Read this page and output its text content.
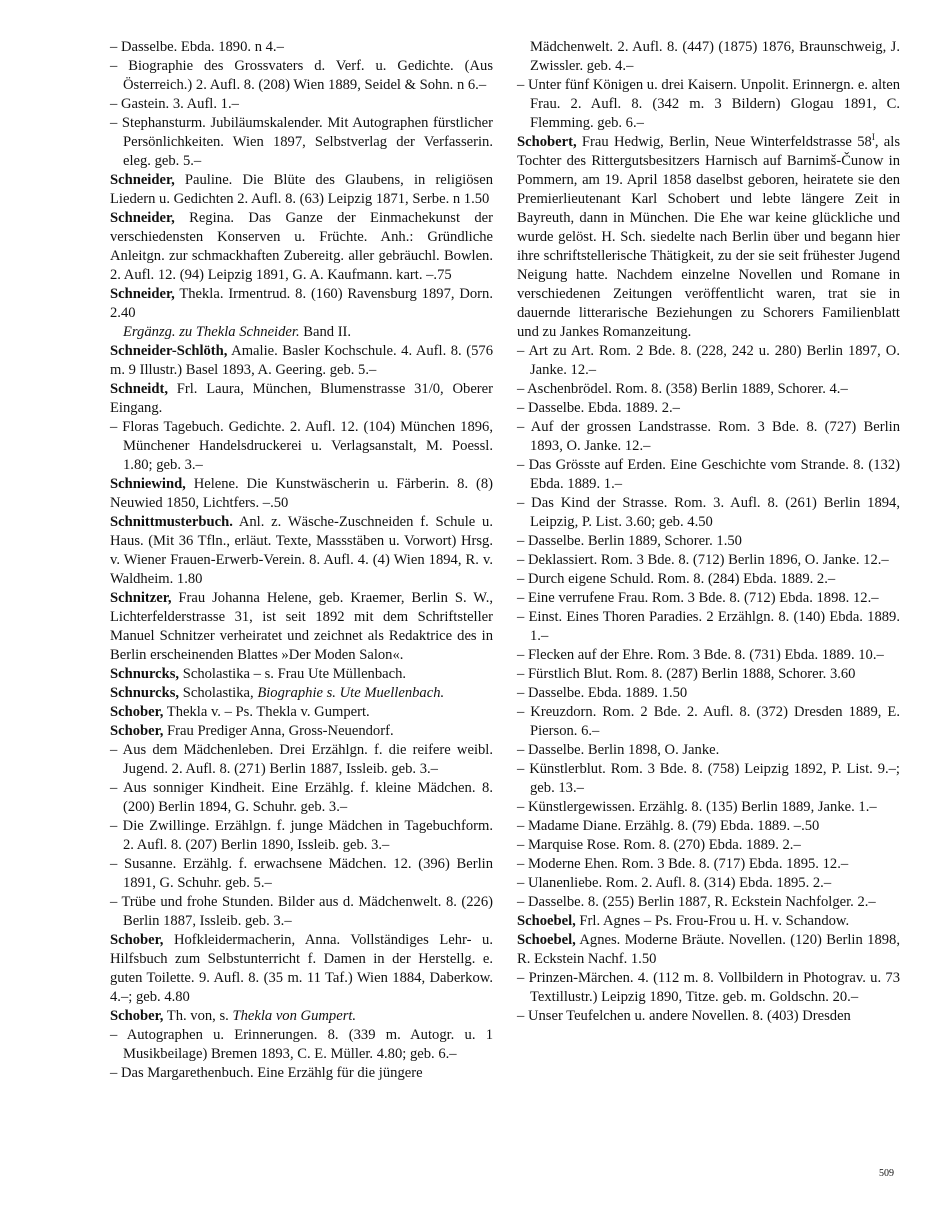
– Dasselbe. Ebda. 1890. n 4.–

– Biographie des Grossvaters d. Verf. u. Gedichte. (Aus Österreich.) 2. Aufl. 8. (208) Wien 1889, Seidel & Sohn. n 6.–

– Gastein. 3. Aufl. 1.–

– Stephansturm. Jubiläumskalender. Mit Autographen fürstlicher Persönlichkeiten. Wien 1897, Selbstverlag der Verfasserin. eleg. geb. 5.–

Schneider, Pauline. Die Blüte des Glaubens, in religiösen Liedern u. Gedichten 2. Aufl. 8. (63) Leipzig 1871, Serbe. n 1.50

Schneider, Regina. Das Ganze der Einmachekunst der verschiedensten Konserven u. Früchte. Anh.: Gründliche Anleitgn. zur schmackhaften Zubereitg. aller gebräuchl. Bowlen. 2. Aufl. 12. (94) Leipzig 1891, G. A. Kaufmann. kart. –.75

Schneider, Thekla. Irmentrud. 8. (160) Ravensburg 1897, Dorn. 2.40

Ergänzg. zu Thekla Schneider. Band II.

Schneider-Schlöth, Amalie. Basler Kochschule. 4. Aufl. 8. (576 m. 9 Illustr.) Basel 1893, A. Geering. geb. 5.–

Schneidt, Frl. Laura, München, Blumenstrasse 31/0, Oberer Eingang.

– Floras Tagebuch. Gedichte. 2. Aufl. 12. (104) München 1896, Münchener Handelsdruckerei u. Verlagsanstalt, M. Poessl. 1.80; geb. 3.–

Schniewind, Helene. Die Kunstwäscherin u. Färberin. 8. (8) Neuwied 1850, Lichtfers. –.50

Schnittmusterbuch. Anl. z. Wäsche-Zuschneiden f. Schule u. Haus. (Mit 36 Tfln., erläut. Texte, Massstäben u. Vorwort) Hrsg. v. Wiener Frauen-Erwerb-Verein. 8. Aufl. 4. (4) Wien 1894, R. v. Waldheim. 1.80

Schnitzer, Frau Johanna Helene, geb. Kraemer, Berlin S. W., Lichterfelderstrasse 31, ist seit 1892 mit dem Schriftsteller Manuel Schnitzer verheiratet und zeichnet als Redaktrice des in Berlin erscheinenden Blattes »Der Moden Salon«.

Schnurcks, Scholastika – s. Frau Ute Müllenbach.

Schnurcks, Scholastika, Biographie s. Ute Muellenbach.

Schober, Thekla v. – Ps. Thekla v. Gumpert.

Schober, Frau Prediger Anna, Gross-Neuendorf.

– Aus dem Mädchenleben. Drei Erzählgn. f. die reifere weibl. Jugend. 2. Aufl. 8. (271) Berlin 1887, Issleib. geb. 3.–

– Aus sonniger Kindheit. Eine Erzählg. f. kleine Mädchen. 8. (200) Berlin 1894, G. Schuhr. geb. 3.–

– Die Zwillinge. Erzählgn. f. junge Mädchen in Tagebuchform. 2. Aufl. 8. (207) Berlin 1890, Issleib. geb. 3.–

– Susanne. Erzählg. f. erwachsene Mädchen. 12. (396) Berlin 1891, G. Schuhr. geb. 5.–

– Trübe und frohe Stunden. Bilder aus d. Mädchenwelt. 8. (226) Berlin 1887, Issleib. geb. 3.–

Schober, Hofkleidermacherin, Anna. Vollständiges Lehr- u. Hilfsbuch zum Selbstunterricht f. Damen in der Herstellg. e. guten Toilette. 9. Aufl. 8. (35 m. 11 Taf.) Wien 1884, Daberkow. 4.–; geb. 4.80

Schober, Th. von, s. Thekla von Gumpert.

– Autographen u. Erinnerungen. 8. (339 m. Autogr. u. 1 Musikbeilage) Bremen 1893, C. E. Müller. 4.80; geb. 6.–

– Das Margarethenbuch. Eine Erzählg für die jüngere

Mädchenwelt. 2. Aufl. 8. (447) (1875) 1876, Braunschweig, J. Zwissler. geb. 4.–

– Unter fünf Königen u. drei Kaisern. Unpolit. Erinnergn. e. alten Frau. 2. Aufl. 8. (342 m. 3 Bildern) Glogau 1891, C. Flemming. geb. 6.–

Schobert, Frau Hedwig, Berlin, Neue Winterfeldstrasse $58^I$, als Tochter des Rittergutsbesitzers Harnisch auf Barnimš-Čunow in Pommern, am 19. April 1858 daselbst geboren, heiratete sie den Premierlieutenant Karl Schobert und lebte längere Zeit in Bayreuth, dann in München. Die Ehe war keine glückliche und wurde gelöst. H. Sch. siedelte nach Berlin über und begann hier ihre schriftstellerische Thätigkeit, zu der sie seit frühester Jugend Neigung hatte. Nachdem einzelne Novellen und Romane in verschiedenen Zeitungen veröffentlicht waren, trat sie in dauernde litterarische Beziehungen zu Schorers Familienblatt und zu Jankes Romanzeitung.

– Art zu Art. Rom. 2 Bde. 8. (228, 242 u. 280) Berlin 1897, O. Janke. 12.–

– Aschenbrödel. Rom. 8. (358) Berlin 1889, Schorer. 4.–

– Dasselbe. Ebda. 1889. 2.–

– Auf der grossen Landstrasse. Rom. 3 Bde. 8. (727) Berlin 1893, O. Janke. 12.–

– Das Grösste auf Erden. Eine Geschichte vom Strande. 8. (132) Ebda. 1889. 1.–

– Das Kind der Strasse. Rom. 3. Aufl. 8. (261) Berlin 1894, Leipzig, P. List. 3.60; geb. 4.50

– Dasselbe. Berlin 1889, Schorer. 1.50

– Deklassiert. Rom. 3 Bde. 8. (712) Berlin 1896, O. Janke. 12.–

– Durch eigene Schuld. Rom. 8. (284) Ebda. 1889. 2.–

– Eine verrufene Frau. Rom. 3 Bde. 8. (712) Ebda. 1898. 12.–

– Einst. Eines Thoren Paradies. 2 Erzählgn. 8. (140) Ebda. 1889. 1.–

– Flecken auf der Ehre. Rom. 3 Bde. 8. (731) Ebda. 1889. 10.–

– Fürstlich Blut. Rom. 8. (287) Berlin 1888, Schorer. 3.60

– Dasselbe. Ebda. 1889. 1.50

– Kreuzdorn. Rom. 2 Bde. 2. Aufl. 8. (372) Dresden 1889, E. Pierson. 6.–

– Dasselbe. Berlin 1898, O. Janke.

– Künstlerblut. Rom. 3 Bde. 8. (758) Leipzig 1892, P. List. 9.–; geb. 13.–

– Künstlergewissen. Erzählg. 8. (135) Berlin 1889, Janke. 1.–

– Madame Diane. Erzählg. 8. (79) Ebda. 1889. –.50

– Marquise Rose. Rom. 8. (270) Ebda. 1889. 2.–

– Moderne Ehen. Rom. 3 Bde. 8. (717) Ebda. 1895. 12.–

– Ulanenliebe. Rom. 2. Aufl. 8. (314) Ebda. 1895. 2.–

– Dasselbe. 8. (255) Berlin 1887, R. Eckstein Nachfolger. 2.–

Schoebel, Frl. Agnes – Ps. Frou-Frou u. H. v. Schandow.

Schoebel, Agnes. Moderne Bräute. Novellen. (120) Berlin 1898, R. Eckstein Nachf. 1.50

– Prinzen-Märchen. 4. (112 m. 8. Vollbildern in Photograv. u. 73 Textillustr.) Leipzig 1890, Titze. geb. m. Goldschn. 20.–

– Unser Teufelchen u. andere Novellen. 8. (403) Dresden

509
